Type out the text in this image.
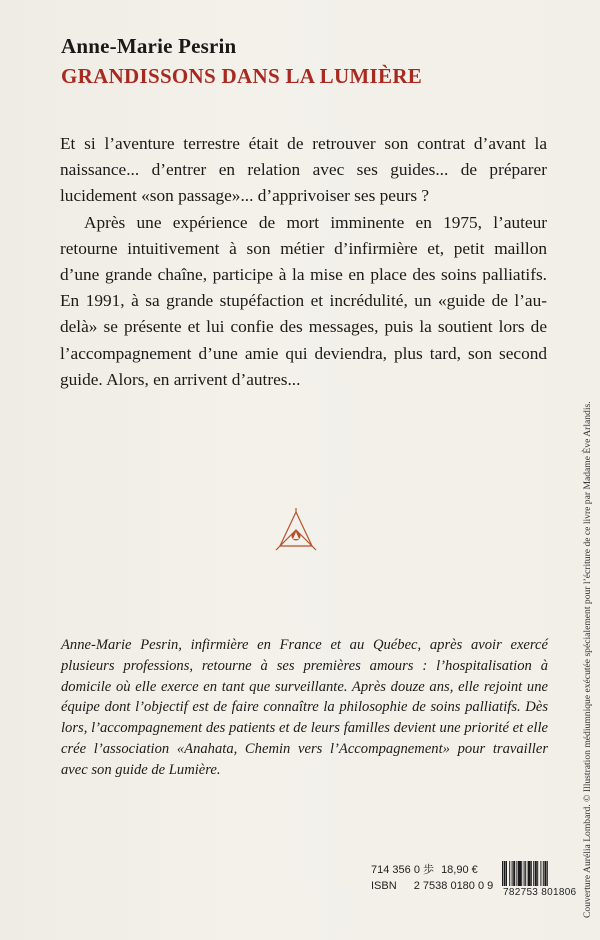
Anne-Marie Pesrin
GRANDISSONS DANS LA LUMIÈRE

Et si l’aventure terrestre était de retrouver son contrat d’avant la naissance... d’entrer en relation avec ses guides... de préparer lucidement «son passage»... d’apprivoiser ses peurs ?

Après une expérience de mort imminente en 1975, l’auteur retourne intuitivement à son métier d’infirmière et, petit maillon d’une grande chaîne, participe à la mise en place des soins palliatifs. En 1991, à sa grande stupéfaction et incrédulité, un «guide de l’au-delà» se présente et lui confie des messages, puis la soutient lors de l’accompagnement d’une amie qui deviendra, plus tard, son second guide. Alors, en arrivent d’autres...

Anne-Marie Pesrin, infirmière en France et au Québec, après avoir exercé plusieurs professions, retourne à ses premières amours : l’hospitalisation à domicile où elle exerce en tant que surveillante. Après douze ans, elle rejoint une équipe dont l’objectif est de faire connaître la philosophie de soins palliatifs. Dès lors, l’accompagnement des patients et de leurs familles devient une priorité et elle crée l’association «Anahata, Chemin vers l’Accompagnement» pour travailler avec son guide de Lumière.

714 356 0 歩 18,90 €
ISBN 2 7538 0180 0 9
782753 801806 Couverture Aurélia Lombard. © Illustration médiumnique exécutée spécialement pour l’écriture de ce livre par Madame Ève Arlandis.
